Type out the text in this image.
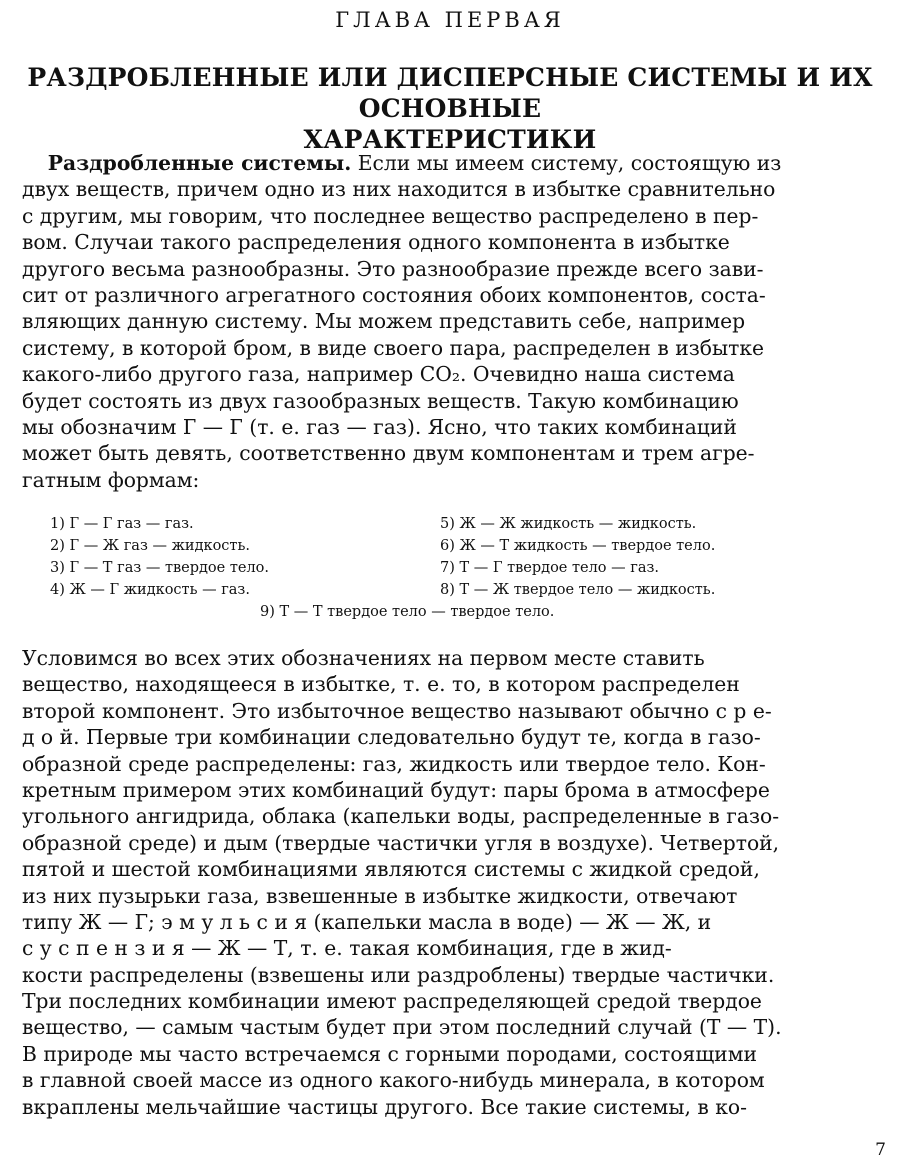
ГЛАВА ПЕРВАЯ
РАЗДРОБЛЕННЫЕ ИЛИ ДИСПЕРСНЫЕ СИСТЕМЫ И ИХ ОСНОВНЫЕ
ХАРАКТЕРИСТИКИ
Раздробленные системы. Если мы имеем систему, состоящую из
двух веществ, причем одно из них находится в избытке сравнительно
с другим, мы говорим, что последнее вещество распределено в пер-
вом. Случаи такого распределения одного компонента в избытке
другого весьма разнообразны. Это разнообразие прежде всего зави-
сит от различного агрегатного состояния обоих компонентов, соста-
вляющих данную систему. Мы можем представить себе, например
систему, в которой бром, в виде своего пара, распределен в избытке
какого-либо другого газа, например CO₂. Очевидно наша система
будет состоять из двух газообразных веществ. Такую комбинацию
мы обозначим Г — Г (т. е. газ — газ). Ясно, что таких комбинаций
может быть девять, соответственно двум компонентам и трем агре-
гатным формам:
1) Г — Г газ — газ.
2) Г — Ж газ — жидкость.
3) Г — Т газ — твердое тело.
4) Ж — Г жидкость — газ.
5) Ж — Ж жидкость — жидкость.
6) Ж — Т жидкость — твердое тело.
7) Т — Г твердое тело — газ.
8) Т — Ж твердое тело — жидкость.
9) Т — Т твердое тело — твердое тело.
Условимся во всех этих обозначениях на первом месте ставить
вещество, находящееся в избытке, т. е. то, в котором распределен
второй компонент. Это избыточное вещество называют обычно с р е-
д о й. Первые три комбинации следовательно будут те, когда в газо-
образной среде распределены: газ, жидкость или твердое тело. Кон-
кретным примером этих комбинаций будут: пары брома в атмосфере
угольного ангидрида, облака (капельки воды, распределенные в газо-
образной среде) и дым (твердые частички угля в воздухе). Четвертой,
пятой и шестой комбинациями являются системы с жидкой средой,
из них пузырьки газа, взвешенные в избытке жидкости, отвечают
типу Ж — Г; э м у л ь с и я (капельки масла в воде) — Ж — Ж, и
с у с п е н з и я — Ж — Т, т. е. такая комбинация, где в жид-
кости распределены (взвешены или раздроблены) твердые частички.
Три последних комбинации имеют распределяющей средой твердое
вещество, — самым частым будет при этом последний случай (Т — Т).
В природе мы часто встречаемся с горными породами, состоящими
в главной своей массе из одного какого-нибудь минерала, в котором
вкраплены мельчайшие частицы другого. Все такие системы, в ко-
7
